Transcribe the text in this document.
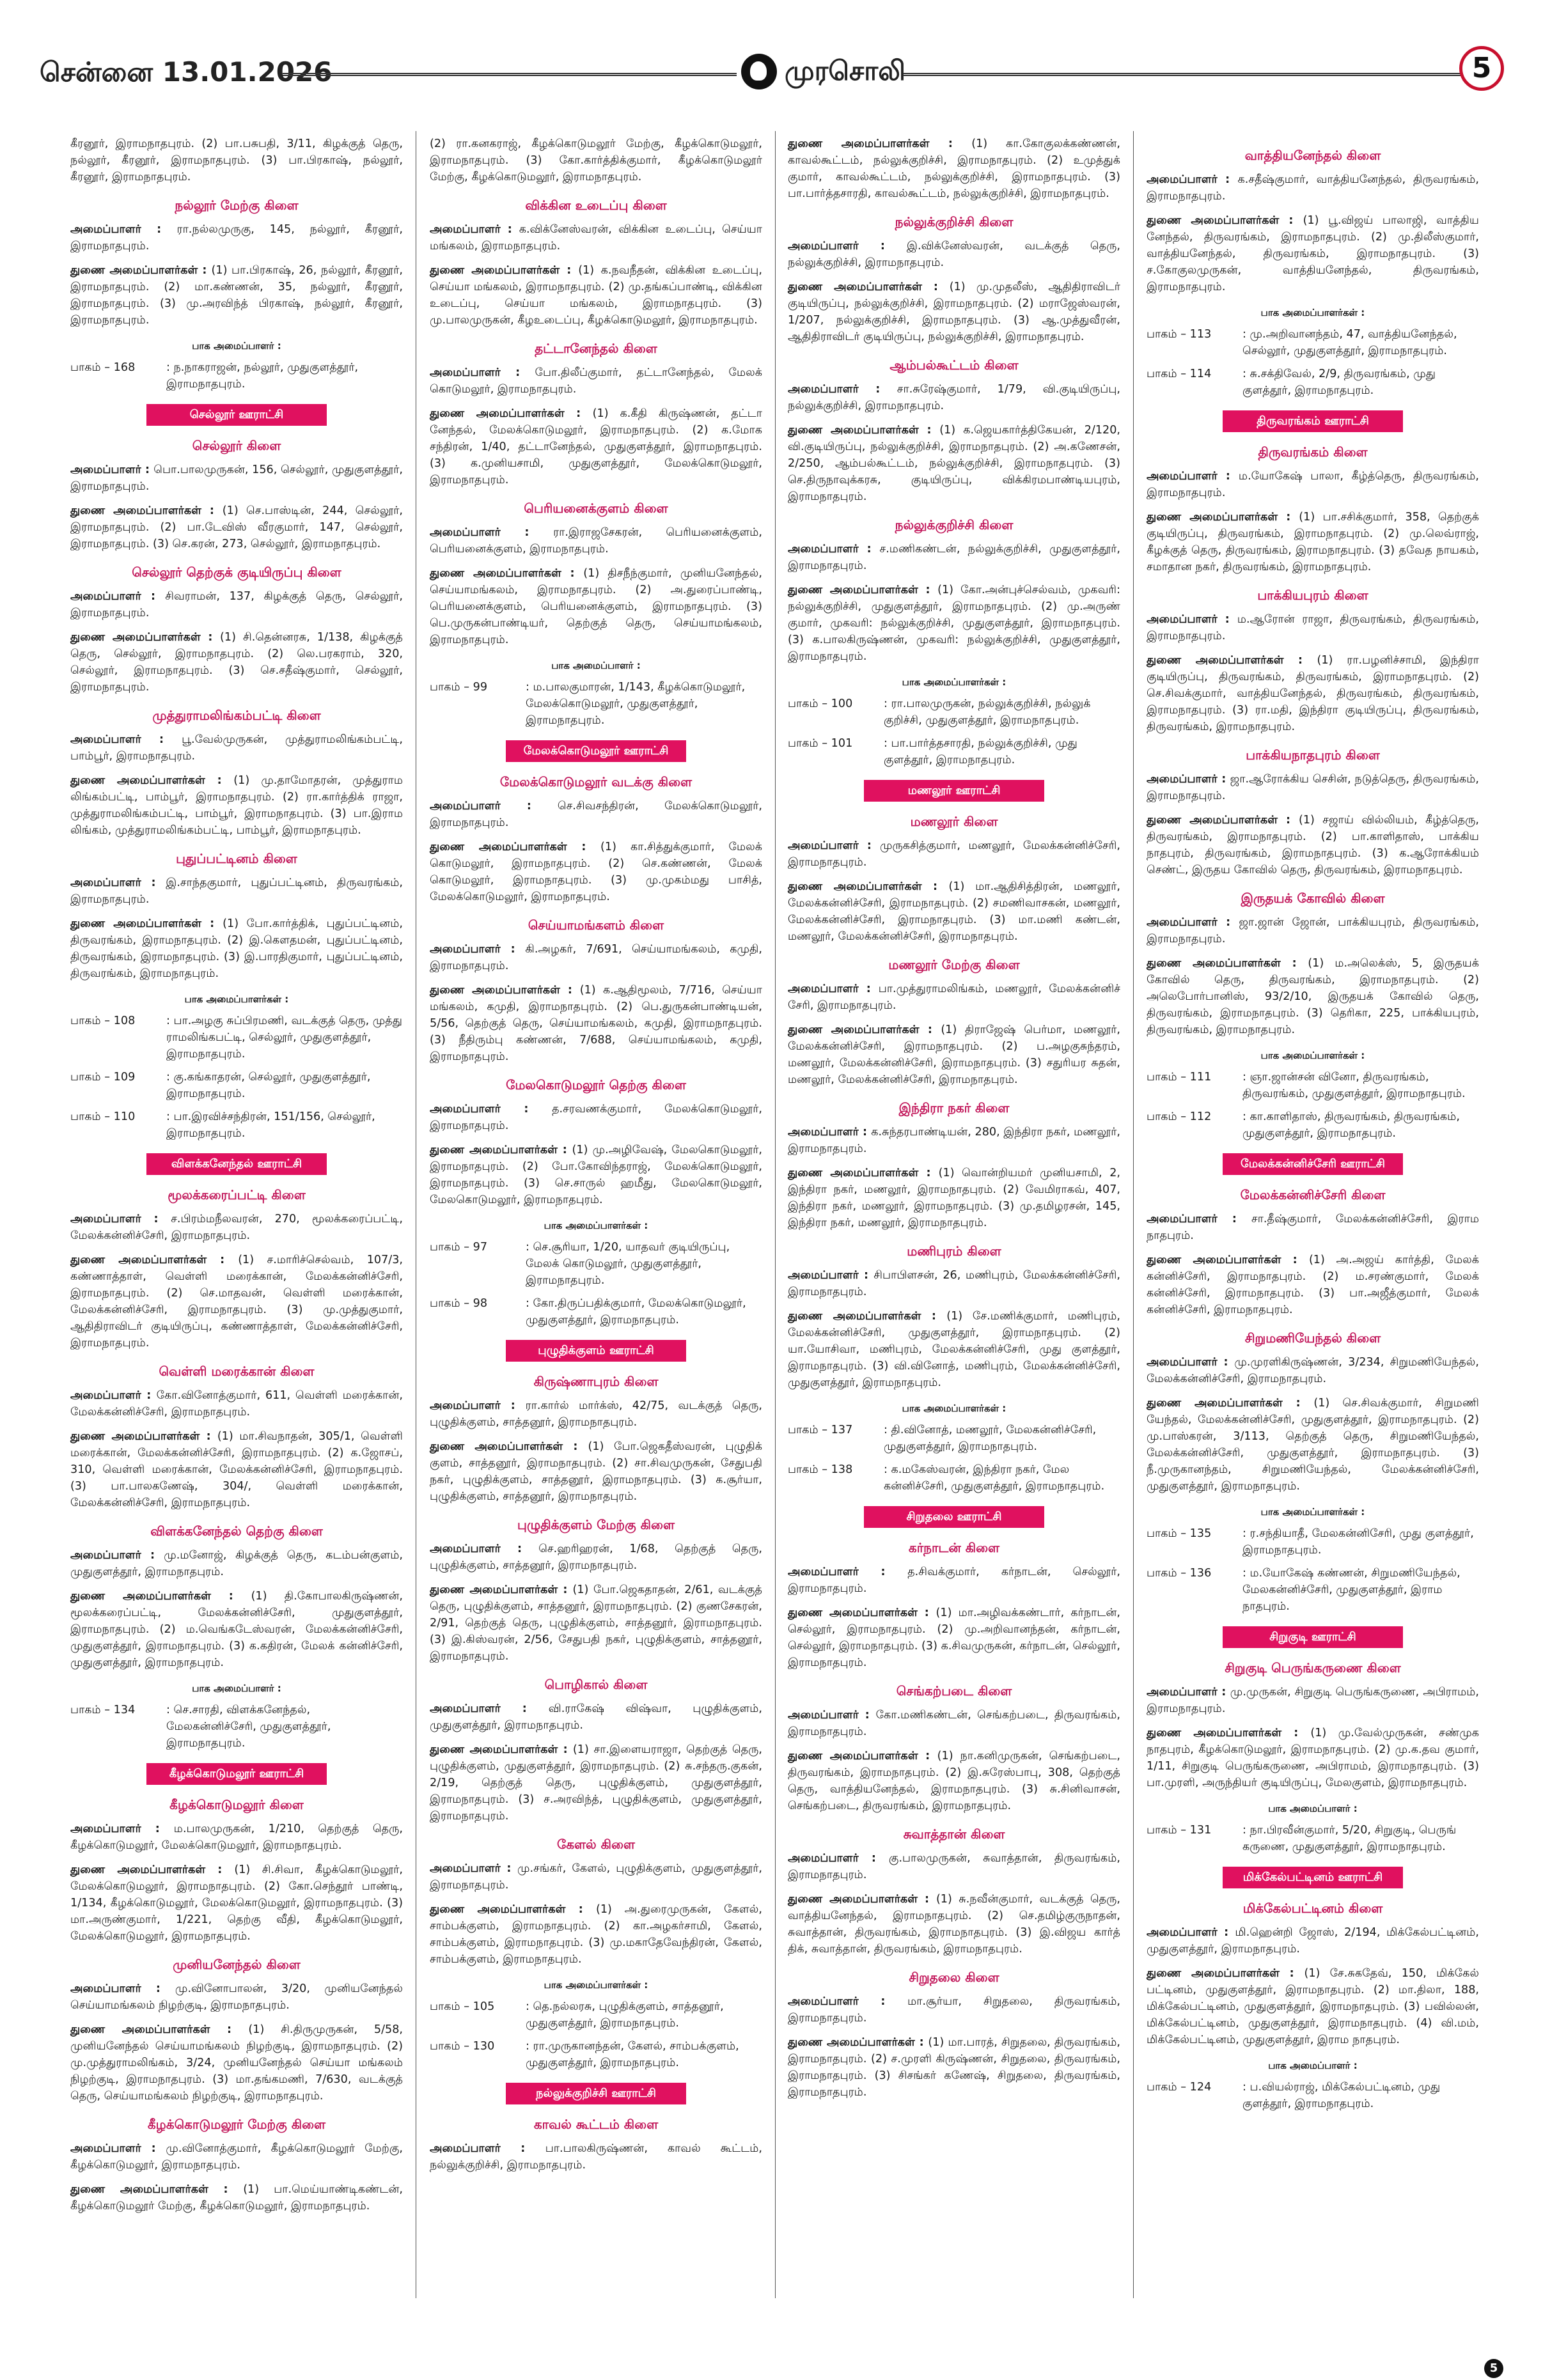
சென்னை 13.01.2026	முரசொலி	5

கீரனூர், இராமநாதபுரம். (2) பா.பசுபதி, 3/11, கிழக்குத் தெரு, நல்லூர், கீரனூர், இராமநாதபுரம். (3) பா.பிரகாஷ், நல்லூர், கீரனூர், இராமநாதபுரம்.

நல்லூர் மேற்கு கிளை

அமைப்பாளர் : ரா.நல்லமுருகு, 145, நல்லூர், கீரனூர், இராமநாதபுரம்.

துணை அமைப்பாளர்கள் : (1) பா.பிரகாஷ், 26, நல்லூர், கீரனூர், இராமநாதபுரம். (2) மா.கண்ணன், 35, நல்லூர், கீரனூர், இராமநாதபுரம். (3) மு.அரவிந்த் பிரகாஷ், நல்லூர், கீரனூர், இராமநாதபுரம்.

பாக அமைப்பாளர் :
பாகம் – 168	: ந.நாகராஜன், நல்லூர், முதுகுளத்தூர், இராமநாதபுரம்.
செல்லூர் ஊராட்சி
செல்லூர் கிளை

அமைப்பாளர் : பொ.பாலமுருகன், 156, செல்லூர், முதுகுளத்தூர், இராமநாதபுரம்.

துணை அமைப்பாளர்கள் : (1) செ.பாஸ்டின், 244, செல்லூர், இராமநாதபுரம். (2) பா.டேவிஸ் வீரகுமார், 147, செல்லூர், இராமநாதபுரம். (3) செ.கரன், 273, செல்லூர், இராமநாதபுரம்.

செல்லூர் தெற்குக் குடியிருப்பு கிளை

அமைப்பாளர் : சிவராமன், 137, கிழக்குத் தெரு, செல்லூர், இராமநாதபுரம்.

துணை அமைப்பாளர்கள் : (1) சி.தென்னரசு, 1/138, கிழக்குத் தெரு, செல்லூர், இராமநாதபுரம். (2) லெ.பரகராம், 320, செல்லூர், இராமநாதபுரம். (3) செ.சதீஷ்குமார், செல்லூர், இராமநாதபுரம்.

முத்துராமலிங்கம்பட்டி கிளை

அமைப்பாளர் : பூ.வேல்முருகன், முத்துராமலிங்கம்பட்டி, பாம்பூர், இராமநாதபுரம்.

துணை அமைப்பாளர்கள் : (1) மு.தாமோதரன், முத்துராம லிங்கம்பட்டி, பாம்பூர், இராமநாதபுரம். (2) ரா.கார்த்திக் ராஜா, முத்துராமலிங்கம்பட்டி, பாம்பூர், இராமநாதபுரம். (3) பா.இராம லிங்கம், முத்துராமலிங்கம்பட்டி, பாம்பூர், இராமநாதபுரம்.

புதுப்பட்டினம் கிளை

அமைப்பாளர் : இ.சாந்தகுமார், புதுப்பட்டினம், திருவரங்கம், இராமநாதபுரம்.

துணை அமைப்பாளர்கள் : (1) போ.கார்த்திக், புதுப்பட்டினம், திருவரங்கம், இராமநாதபுரம். (2) இ.கௌதமன், புதுப்பட்டினம், திருவரங்கம், இராமநாதபுரம். (3) இ.பாரதிகுமார், புதுப்பட்டினம், திருவரங்கம், இராமநாதபுரம்.

பாக அமைப்பாளர்கள் :
பாகம் – 108	: பா.அழகு சுப்பிரமணி, வடக்குத் தெரு, முத்து ராமலிங்கபட்டி, செல்லூர், முதுகுளத்தூர், இராமநாதபுரம்.
பாகம் – 109	: கு.கங்காதரன், செல்லூர், முதுகுளத்தூர், இராமநாதபுரம்.
பாகம் – 110	: பா.இரவிச்சந்திரன், 151/156, செல்லூர், இராமநாதபுரம்.
விளக்கனேந்தல் ஊராட்சி
மூலக்கரைப்பட்டி கிளை

அமைப்பாளர் : ச.பிரம்மநீலவரன், 270, மூலக்கரைப்பட்டி, மேலக்கன்னிச்சேரி, இராமநாதபுரம்.

துணை அமைப்பாளர்கள் : (1) ச.மாரிச்செல்வம், 107/3, கண்ணாத்தாள், வெள்ளி மரைக்கான், மேலக்கன்னிச்சேரி, இராமநாதபுரம். (2) செ.மாதவன், வெள்ளி மரைக்கான், மேலக்கன்னிச்சேரி, இராமநாதபுரம். (3) மு.முத்துகுமார், ஆதிதிராவிடர் குடியிருப்பு, கண்ணாத்தாள், மேலக்கன்னிச்சேரி, இராமநாதபுரம்.

வெள்ளி மரைக்கான் கிளை

அமைப்பாளர் : கோ.வினோத்குமார், 611, வெள்ளி மரைக்கான், மேலக்கன்னிச்சேரி, இராமநாதபுரம்.

துணை அமைப்பாளர்கள் : (1) மா.சிவநாதன், 305/1, வெள்ளி மரைக்கான், மேலக்கன்னிச்சேரி, இராமநாதபுரம். (2) க.ஜோசப், 310, வெள்ளி மரைக்கான், மேலக்கன்னிச்சேரி, இராமநாதபுரம். (3) பா.பாலகணேஷ், 304/, வெள்ளி மரைக்கான், மேலக்கன்னிச்சேரி, இராமநாதபுரம்.

விளக்கனேந்தல் தெற்கு கிளை

அமைப்பாளர் : மு.மனோஜ், கிழக்குத் தெரு, கடம்பன்குளம், முதுகுளத்தூர், இராமநாதபுரம்.

துணை அமைப்பாளர்கள் : (1) தி.கோபாலகிருஷ்ணன், மூலக்கரைப்பட்டி, மேலக்கன்னிச்சேரி, முதுகுளத்தூர், இராமநாதபுரம். (2) ம.வெங்கடேஸ்வரன், மேலக்கன்னிச்சேரி, முதுகுளத்தூர், இராமநாதபுரம். (3) க.கதிரன், மேலக் கன்னிச்சேரி, முதுகுளத்தூர், இராமநாதபுரம்.

பாக அமைப்பாளர் :
பாகம் – 134	: செ.சாரதி, விளக்கனேந்தல், மேலகன்னிச்சேரி, முதுகுளத்தூர், இராமநாதபுரம்.
கீழக்கொடுமலூர் ஊராட்சி
கீழக்கொடுமலூர் கிளை

அமைப்பாளர் : ம.பாலமுருகன், 1/210, தெற்குத் தெரு, கீழக்கொடுமலூர், மேலக்கொடுமலூர், இராமநாதபுரம்.

துணை அமைப்பாளர்கள் : (1) சி.சிவா, கீழக்கொடுமலூர், மேலக்கொடுமலூர், இராமநாதபுரம். (2) கோ.செந்தூர் பாண்டி, 1/134, கீழக்கொடுமலூர், மேலக்கொடுமலூர், இராமநாதபுரம். (3) மா.அருண்குமார், 1/221, தெற்கு வீதி, கீழக்கொடுமலூர், மேலக்கொடுமலூர், இராமநாதபுரம்.

முனியனேந்தல் கிளை

அமைப்பாளர் : மு.வினோபாலன், 3/20, முனியனேந்தல் செய்யாமங்கலம் நிழற்குடி, இராமநாதபுரம்.

துணை அமைப்பாளர்கள் : (1) சி.திருமுருகன், 5/58, முனியனேந்தல் செய்யாமங்கலம் நிழற்குடி, இராமநாதபுரம். (2) மு.முத்துராமலிங்கம், 3/24, முனியனேந்தல் செய்யா மங்கலம் நிழற்குடி, இராமநாதபுரம். (3) மா.தங்கமணி, 7/630, வடக்குத் தெரு, செய்யாமங்கலம் நிழற்குடி, இராமநாதபுரம்.

கீழக்கொடுமலூர் மேற்கு கிளை

அமைப்பாளர் : மு.வினோத்குமார், கீழக்கொடுமலூர் மேற்கு, கீழக்கொடுமலூர், இராமநாதபுரம்.

துணை அமைப்பாளர்கள் : (1) பா.மெய்யாண்டிகண்டன், கீழக்கொடுமலூர் மேற்கு, கீழக்கொடுமலூர், இராமநாதபுரம்.

(2) ரா.கனகராஜ், கீழக்கொடுமலூர் மேற்கு, கீழக்கொடுமலூர், இராமநாதபுரம். (3) கோ.கார்த்திக்குமார், கீழக்கொடுமலூர் மேற்கு, கீழக்கொடுமலூர், இராமநாதபுரம்.

விக்கின உடைப்பு கிளை

அமைப்பாளர் : க.விக்னேஸ்வரன், விக்கின உடைப்பு, செய்யா மங்கலம், இராமநாதபுரம்.

துணை அமைப்பாளர்கள் : (1) க.நவநீதன், விக்கின உடைப்பு, செய்யா மங்கலம், இராமநாதபுரம். (2) மு.தங்கப்பாண்டி, விக்கின உடைப்பு, செய்யா மங்கலம், இராமநாதபுரம். (3) மு.பாலமுருகன், கீழஉடைப்பு, கீழக்கொடுமலூர், இராமநாதபுரம்.

தட்டானேந்தல் கிளை

அமைப்பாளர் : போ.திலீப்குமார், தட்டானேந்தல், மேலக் கொடுமலூர், இராமநாதபுரம்.

துணை அமைப்பாளர்கள் : (1) க.கீதி கிருஷ்ணன், தட்டா னேந்தல், மேலக்கொடுமலூர், இராமநாதபுரம். (2) க.மோக சந்திரன், 1/40, தட்டானேந்தல், முதுகுளத்தூர், இராமநாதபுரம். (3) க.முனியசாமி, முதுகுளத்தூர், மேலக்கொடுமலூர், இராமநாதபுரம்.

பெரியனைக்குளம் கிளை

அமைப்பாளர் : ரா.இராஜசேகரன், பெரியனைக்குளம், பெரியனைக்குளம், இராமநாதபுரம்.

துணை அமைப்பாளர்கள் : (1) திசநீந்குமார், முனியனேந்தல், செய்யாமங்கலம், இராமநாதபுரம். (2) அ.துரைப்பாண்டி, பெரியனைக்குளம், பெரியனைக்குளம், இராமநாதபுரம். (3) பெ.முருகன்பாண்டியர், தெற்குத் தெரு, செய்யாமங்கலம், இராமநாதபுரம்.

பாக அமைப்பாளர் :
பாகம் – 99	: ம.பாலகுமாரன், 1/143, கீழக்கொடுமலூர், மேலக்கொடுமலூர், முதுகுளத்தூர், இராமநாதபுரம்.
மேலக்கொடுமலூர் ஊராட்சி
மேலக்கொடுமலூர் வடக்கு கிளை

அமைப்பாளர் : செ.சிவசந்திரன், மேலக்கொடுமலூர், இராமநாதபுரம்.

துணை அமைப்பாளர்கள் : (1) கா.சித்துக்குமார், மேலக் கொடுமலூர், இராமநாதபுரம். (2) செ.கண்ணன், மேலக் கொடுமலூர், இராமநாதபுரம். (3) மு.முகம்மது பாசித், மேலக்கொடுமலூர், இராமநாதபுரம்.

செய்யாமங்களம் கிளை

அமைப்பாளர் : கி.அழகர், 7/691, செய்யாமங்கலம், கமுதி, இராமநாதபுரம்.

துணை அமைப்பாளர்கள் : (1) க.ஆதிமூலம், 7/716, செய்யா மங்கலம், கமுதி, இராமநாதபுரம். (2) பெ.துருகன்பாண்டியன், 5/56, தெற்குத் தெரு, செய்யாமங்கலம், கமுதி, இராமநாதபுரம். (3) நீதிரும்பு கண்ணன், 7/688, செய்யாமங்கலம், கமுதி, இராமநாதபுரம்.

மேலகொடுமலூர் தெற்கு கிளை

அமைப்பாளர் : த.சரவணக்குமார், மேலக்கொடுமலூர், இராமநாதபுரம்.

துணை அமைப்பாளர்கள் : (1) மு.அழிவேஷ், மேலகொடுமலூர், இராமநாதபுரம். (2) போ.கோவிந்தராஜ், மேலக்கொடுமலூர், இராமநாதபுரம். (3) செ.சாருல் ஹமீது, மேலகொடுமலூர், மேலகொடுமலூர், இராமநாதபுரம்.

பாக அமைப்பாளர்கள் :
பாகம் – 97	: செ.சூரியா, 1/20, யாதவர் குடியிருப்பு, மேலக் கொடுமலூர், முதுகுளத்தூர், இராமநாதபுரம்.
பாகம் – 98	: கோ.திருப்பதிக்குமார், மேலக்கொடுமலூர், முதுகுளத்தூர், இராமநாதபுரம்.
புழுதிக்குளம் ஊராட்சி
கிருஷ்ணாபுரம் கிளை

அமைப்பாளர் : ரா.கார்ல் மார்க்ஸ், 42/75, வடக்குத் தெரு, புழுதிக்குளம், சாத்தனூர், இராமநாதபுரம்.

துணை அமைப்பாளர்கள் : (1) போ.ஜெகதீஸ்வரன், புழுதிக் குளம், சாத்தனூர், இராமநாதபுரம். (2) சா.சிவமுருகன், சேதுபதி நகர், புழுதிக்குளம், சாத்தனூர், இராமநாதபுரம். (3) க.சூர்யா, புழுதிக்குளம், சாத்தனூர், இராமநாதபுரம்.

புழுதிக்குளம் மேற்கு கிளை

அமைப்பாளர் : செ.ஹரிஹரன், 1/68, தெற்குத் தெரு, புழுதிக்குளம், சாத்தனூர், இராமநாதபுரம்.

துணை அமைப்பாளர்கள் : (1) போ.ஜெகதாதன், 2/61, வடக்குத் தெரு, புழுதிக்குளம், சாத்தனூர், இராமநாதபுரம். (2) குணசேகரன், 2/91, தெற்குத் தெரு, புழுதிக்குளம், சாத்தனூர், இராமநாதபுரம். (3) இ.கிஸ்வரன், 2/56, சேதுபதி நகர், புழுதிக்குளம், சாத்தனூர், இராமநாதபுரம்.

பொழிகால் கிளை

அமைப்பாளர் : வி.ராகேஷ் விஷ்வா, புழுதிக்குளம், முதுகுளத்தூர், இராமநாதபுரம்.

துணை அமைப்பாளர்கள் : (1) சா.இளையராஜா, தெற்குத் தெரு, புழுதிக்குளம், முதுகுளத்தூர், இராமநாதபுரம். (2) சு.சந்தரு.குகன், 2/19, தெற்குத் தெரு, புழுதிக்குளம், முதுகுளத்தூர், இராமநாதபுரம். (3) ச.அரவிந்த், புழுதிக்குளம், முதுகுளத்தூர், இராமநாதபுரம்.

கேளல் கிளை

அமைப்பாளர் : மு.சங்கர், கேளல், புழுதிக்குளம், முதுகுளத்தூர், இராமநாதபுரம்.

துணை அமைப்பாளர்கள் : (1) அ.துரைமுருகன், கேளல், சாம்பக்குளம், இராமநாதபுரம். (2) கா.அழகர்சாமி, கேளல், சாம்பக்குளம், இராமநாதபுரம். (3) மு.மகாதேவேந்திரன், கேளல், சாம்பக்குளம், இராமநாதபுரம்.

பாக அமைப்பாளர்கள் :
பாகம் – 105	: தெ.நல்லரசு, புழுதிக்குளம், சாத்தனூர், முதுகுளத்தூர், இராமநாதபுரம்.
பாகம் – 130	: ரா.முருகானந்தன், கேளல், சாம்பக்குளம், முதுகுளத்தூர், இராமநாதபுரம்.
நல்லுக்குறிச்சி ஊராட்சி
காவல் கூட்டம் கிளை

அமைப்பாளர் : பா.பாலகிருஷ்ணன், காவல் கூட்டம், நல்லுக்குறிச்சி, இராமநாதபுரம்.

துணை அமைப்பாளர்கள் : (1) கா.கோகுலக்கண்ணன், காவல்கூட்டம், நல்லுக்குறிச்சி, இராமநாதபுரம். (2) உமுத்துக் குமார், காவல்கூட்டம், நல்லுக்குறிச்சி, இராமநாதபுரம். (3) பா.பார்த்தசாரதி, காவல்கூட்டம், நல்லுக்குறிச்சி, இராமநாதபுரம்.

நல்லுக்குறிச்சி கிளை

அமைப்பாளர் : இ.விக்னேஸ்வரன், வடக்குத் தெரு, நல்லுக்குறிச்சி, இராமநாதபுரம்.

துணை அமைப்பாளர்கள் : (1) மு.முதலீஸ், ஆதிதிராவிடர் குடியிருப்பு, நல்லுக்குறிச்சி, இராமநாதபுரம். (2) மராஜேஸ்வரன், 1/207, நல்லுக்குறிச்சி, இராமநாதபுரம். (3) ஆ.முத்துவீரன், ஆதிதிராவிடர் குடியிருப்பு, நல்லுக்குறிச்சி, இராமநாதபுரம்.

ஆம்பல்கூட்டம் கிளை

அமைப்பாளர் : சா.சுரேஷ்குமார், 1/79, வி.குடியிருப்பு, நல்லுக்குறிச்சி, இராமநாதபுரம்.

துணை அமைப்பாளர்கள் : (1) க.ஜெயகார்த்திகேயன், 2/120, வி.குடியிருப்பு, நல்லுக்குறிச்சி, இராமநாதபுரம். (2) அ.கணேசன், 2/250, ஆம்பல்கூட்டம், நல்லுக்குறிச்சி, இராமநாதபுரம். (3) செ.திருநாவுக்கரசு, குடியிருப்பு, விக்கிரமபாண்டியபுரம், இராமநாதபுரம்.

நல்லுக்குறிச்சி கிளை

அமைப்பாளர் : ச.மணிகண்டன், நல்லுக்குறிச்சி, முதுகுளத்தூர், இராமநாதபுரம்.

துணை அமைப்பாளர்கள் : (1) கோ.அன்புச்செல்வம், முகவரி: நல்லுக்குறிச்சி, முதுகுளத்தூர், இராமநாதபுரம். (2) மு.அருண் குமார், முகவரி: நல்லுக்குறிச்சி, முதுகுளத்தூர், இராமநாதபுரம். (3) க.பாலகிருஷ்ணன், முகவரி: நல்லுக்குறிச்சி, முதுகுளத்தூர், இராமநாதபுரம்.

பாக அமைப்பாளர்கள் :
பாகம் – 100	: ரா.பாலமுருகன், நல்லுக்குறிச்சி, நல்லுக் குறிச்சி, முதுகுளத்தூர், இராமநாதபுரம்.
பாகம் – 101	: பா.பார்த்தசாரதி, நல்லுக்குறிச்சி, முது குளத்தூர், இராமநாதபுரம்.
மணலூர் ஊராட்சி
மணலூர் கிளை

அமைப்பாளர் : முருகசித்குமார், மணலூர், மேலக்கன்னிச்சேரி, இராமநாதபுரம்.

துணை அமைப்பாளர்கள் : (1) மா.ஆதிசித்திரன், மணலூர், மேலக்கன்னிச்சேரி, இராமநாதபுரம். (2) சமணிவாசகன், மணலூர், மேலக்கன்னிச்சேரி, இராமநாதபுரம். (3) மா.மணி கண்டன், மணலூர், மேலக்கன்னிச்சேரி, இராமநாதபுரம்.

மணலூர் மேற்கு கிளை

அமைப்பாளர் : பா.முத்துராமலிங்கம், மணலூர், மேலக்கன்னிச் சேரி, இராமநாதபுரம்.

துணை அமைப்பாளர்கள் : (1) திராஜேஷ் பெர்மா, மணலூர், மேலக்கன்னிச்சேரி, இராமநாதபுரம். (2) ப.அழகுசுந்தரம், மணலூர், மேலக்கன்னிச்சேரி, இராமநாதபுரம். (3) சதுரியர சுதன், மணலூர், மேலக்கன்னிச்சேரி, இராமநாதபுரம்.

இந்திரா நகர் கிளை

அமைப்பாளர் : க.சுந்தரபாண்டியன், 280, இந்திரா நகர், மணலூர், இராமநாதபுரம்.

துணை அமைப்பாளர்கள் : (1) வொன்றியமர் முனியசாமி, 2, இந்திரா நகர், மணலூர், இராமநாதபுரம். (2) வேமிராகவ், 407, இந்திரா நகர், மணலூர், இராமநாதபுரம். (3) மு.தமிழரசன், 145, இந்திரா நகர், மணலூர், இராமநாதபுரம்.

மணிபுரம் கிளை

அமைப்பாளர் : சிபாபிளசன், 26, மணிபுரம், மேலக்கன்னிச்சேரி, இராமநாதபுரம்.

துணை அமைப்பாளர்கள் : (1) சே.மணிக்குமார், மணிபுரம், மேலக்கன்னிச்சேரி, முதுகுளத்தூர், இராமநாதபுரம். (2) யா.யோசிவா, மணிபுரம், மேலக்கன்னிச்சேரி, முது குளத்தூர், இராமநாதபுரம். (3) வி.வினோத், மணிபுரம், மேலக்கன்னிச்சேரி, முதுகுளத்தூர், இராமநாதபுரம்.

பாக அமைப்பாளர்கள் :
பாகம் – 137	: தி.வினோத், மணலூர், மேலகன்னிச்சேரி, முதுகுளத்தூர், இராமநாதபுரம்.
பாகம் – 138	: க.மகேஸ்வரன், இந்திரா நகர், மேல கன்னிச்சேரி, முதுகுளத்தூர், இராமநாதபுரம்.
சிறுதலை ஊராட்சி
கர்நாடன் கிளை

அமைப்பாளர் : த.சிவக்குமார், கர்நாடன், செல்லூர், இராமநாதபுரம்.

துணை அமைப்பாளர்கள் : (1) மா.அழிவக்கண்டார், கர்நாடன், செல்லூர், இராமநாதபுரம். (2) மு.அறிவானந்தன், கர்நாடன், செல்லூர், இராமநாதபுரம். (3) க.சிவமுருகன், கர்நாடன், செல்லூர், இராமநாதபுரம்.

செங்கற்படை கிளை

அமைப்பாளர் : கோ.மணிகண்டன், செங்கற்படை, திருவரங்கம், இராமநாதபுரம்.

துணை அமைப்பாளர்கள் : (1) நா.கனிமுருகன், செங்கற்படை, திருவரங்கம், இராமநாதபுரம். (2) இ.சுரேஸ்பாபு, 308, தெற்குத் தெரு, வாத்தியனேந்தல், இராமநாதபுரம். (3) சு.சினிவாசன், செங்கற்படை, திருவரங்கம், இராமநாதபுரம்.

சுவாத்தான் கிளை

அமைப்பாளர் : கு.பாலமுருகன், சுவாத்தான், திருவரங்கம், இராமநாதபுரம்.

துணை அமைப்பாளர்கள் : (1) சு.நவீன்குமார், வடக்குத் தெரு, வாத்தியனேந்தல், இராமநாதபுரம். (2) செ.தமிழ்குருநாதன், சுவாத்தான், திருவரங்கம், இராமநாதபுரம். (3) இ.விஜய கார்த் திக், சுவாத்தான், திருவரங்கம், இராமநாதபுரம்.

சிறுதலை கிளை

அமைப்பாளர் : மா.சூர்யா, சிறுதலை, திருவரங்கம், இராமநாதபுரம்.

துணை அமைப்பாளர்கள் : (1) மா.பாரத், சிறுதலை, திருவரங்கம், இராமநாதபுரம். (2) ச.முரளி கிருஷ்ணன், சிறுதலை, திருவரங்கம், இராமநாதபுரம். (3) சிசங்கர் கணேஷ், சிறுதலை, திருவரங்கம், இராமநாதபுரம்.

வாத்தியனேந்தல் கிளை

அமைப்பாளர் : க.சதீஷ்குமார், வாத்தியனேந்தல், திருவரங்கம், இராமநாதபுரம்.

துணை அமைப்பாளர்கள் : (1) பூ.விஜய் பாலாஜி, வாத்திய னேந்தல், திருவரங்கம், இராமநாதபுரம். (2) மு.திலீஸ்குமார், வாத்தியனேந்தல், திருவரங்கம், இராமநாதபுரம். (3) ச.கோகுலமுருகன், வாத்தியனேந்தல், திருவரங்கம், இராமநாதபுரம்.

பாக அமைப்பாளர்கள் :
பாகம் – 113	: மு.அறிவானந்தம், 47, வாத்தியனேந்தல், செல்லூர், முதுகுளத்தூர், இராமநாதபுரம்.
பாகம் – 114	: சு.சக்திவேல், 2/9, திருவரங்கம், முது குளத்தூர், இராமநாதபுரம்.
திருவரங்கம் ஊராட்சி
திருவரங்கம் கிளை

அமைப்பாளர் : ம.யோகேஷ் பாலா, கீழ்த்தெரு, திருவரங்கம், இராமநாதபுரம்.

துணை அமைப்பாளர்கள் : (1) பா.சசிக்குமார், 358, தெற்குக் குடியிருப்பு, திருவரங்கம், இராமநாதபுரம். (2) மு.லெவ்ராஜ், கீழக்குத் தெரு, திருவரங்கம், இராமநாதபுரம். (3) தவேத நாயகம், சமாதான நகர், திருவரங்கம், இராமநாதபுரம்.

பாக்கியபுரம் கிளை

அமைப்பாளர் : ம.ஆரோன் ராஜா, திருவரங்கம், திருவரங்கம், இராமநாதபுரம்.

துணை அமைப்பாளர்கள் : (1) ரா.பழனிச்சாமி, இந்திரா குடியிருப்பு, திருவரங்கம், திருவரங்கம், இராமநாதபுரம். (2) செ.சிவக்குமார், வாத்தியனேந்தல், திருவரங்கம், திருவரங்கம், இராமநாதபுரம். (3) ரா.மதி, இந்திரா குடியிருப்பு, திருவரங்கம், திருவரங்கம், இராமநாதபுரம்.

பாக்கியநாதபுரம் கிளை

அமைப்பாளர் : ஜா.ஆரோக்கிய செசின், நடுத்தெரு, திருவரங்கம், இராமநாதபுரம்.

துணை அமைப்பாளர்கள் : (1) சஜாய் வில்லியம், கீழ்த்தெரு, திருவரங்கம், இராமநாதபுரம். (2) பா.காளிதாஸ், பாக்கிய நாதபுரம், திருவரங்கம், இராமநாதபுரம். (3) க.ஆரோக்கியம் செண்ட், இருதய கோவில் தெரு, திருவரங்கம், இராமநாதபுரம்.

இருதயக் கோவில் கிளை

அமைப்பாளர் : ஜா.ஜான் ஜோன், பாக்கியபுரம், திருவரங்கம், இராமநாதபுரம்.

துணை அமைப்பாளர்கள் : (1) ம.அலெக்ஸ், 5, இருதயக் கோவில் தெரு, திருவரங்கம், இராமநாதபுரம். (2) அலெபோர்பானிஸ், 93/2/10, இருதயக் கோவில் தெரு, திருவரங்கம், இராமநாதபுரம். (3) தெரிகா, 225, பாக்கியபுரம், திருவரங்கம், இராமநாதபுரம்.

பாக அமைப்பாளர்கள் :
பாகம் – 111	: ஞா.ஜான்சன் வினோ, திருவரங்கம், திருவரங்கம், முதுகுளத்தூர், இராமநாதபுரம்.
பாகம் – 112	: கா.காளிதாஸ், திருவரங்கம், திருவரங்கம், முதுகுளத்தூர், இராமநாதபுரம்.
மேலக்கன்னிச்சேரி ஊராட்சி
மேலக்கன்னிச்சேரி கிளை

அமைப்பாளர் : சா.தீஷ்குமார், மேலக்கன்னிச்சேரி, இராம நாதபுரம்.

துணை அமைப்பாளர்கள் : (1) அ.அஜய் கார்த்தி, மேலக் கன்னிச்சேரி, இராமநாதபுரம். (2) ம.சரண்குமார், மேலக் கன்னிச்சேரி, இராமநாதபுரம். (3) பா.அஜீத்குமார், மேலக் கன்னிச்சேரி, இராமநாதபுரம்.

சிறுமணியேந்தல் கிளை

அமைப்பாளர் : மு.முரளிகிருஷ்ணன், 3/234, சிறுமணியேந்தல், மேலக்கன்னிச்சேரி, இராமநாதபுரம்.

துணை அமைப்பாளர்கள் : (1) செ.சிவக்குமார், சிறுமணி யேந்தல், மேலக்கன்னிச்சேரி, முதுகுளத்தூர், இராமநாதபுரம். (2) மு.பாஸ்கரன், 3/113, தெற்குத் தெரு, சிறுமணியேந்தல், மேலக்கன்னிச்சேரி, முதுகுளத்தூர், இராமநாதபுரம். (3) நீ.முருகானந்தம், சிறுமணியேந்தல், மேலக்கன்னிச்சேரி, முதுகுளத்தூர், இராமநாதபுரம்.

பாக அமைப்பாளர்கள் :
பாகம் – 135	: ர.சந்தியாதீ, மேலகன்னிசேரி, முது குளத்தூர், இராமநாதபுரம்.
பாகம் – 136	: ம.யோகேஷ் கண்ணன், சிறுமணியேந்தல், மேலகன்னிச்சேரி, முதுகுளத்தூர், இராம நாதபுரம்.
சிறுகுடி ஊராட்சி
சிறுகுடி பெருங்கருணை கிளை

அமைப்பாளர் : மு.முருகன், சிறுகுடி பெருங்கருணை, அபிராமம், இராமநாதபுரம்.

துணை அமைப்பாளர்கள் : (1) மு.வேல்முருகன், சண்முக நாதபுரம், கீழக்கொடுமலூர், இராமநாதபுரம். (2) மு.க.தவ குமார், 1/11, சிறுகுடி பெருங்கருணை, அபிராமம், இராமநாதபுரம். (3) பா.முரளி, அருந்தியர் குடியிருப்பு, மேலகுளம், இராமநாதபுரம்.

பாக அமைப்பாளர் :
பாகம் – 131	: நா.பிரவீன்குமார், 5/20, சிறுகுடி, பெருங் கருணை, முதுகுளத்தூர், இராமநாதபுரம்.
மிக்கேல்பட்டினம் ஊராட்சி
மிக்கேல்பட்டினம் கிளை

அமைப்பாளர் : மி.ஹென்றி ஜோஸ், 2/194, மிக்கேல்பட்டினம், முதுகுளத்தூர், இராமநாதபுரம்.

துணை அமைப்பாளர்கள் : (1) சே.சுகதேவ், 150, மிக்கேல் பட்டினம், முதுகுளத்தூர், இராமநாதபுரம். (2) மா.திலா, 188, மிக்கேல்பட்டினம், முதுகுளத்தூர், இராமநாதபுரம். (3) பவில்லன், மிக்கேல்பட்டினம், முதுகுளத்தூர், இராமநாதபுரம். (4) வி.மம், மிக்கேல்பட்டினம், முதுகுளத்தூர், இராம நாதபுரம்.

பாக அமைப்பாளர் :
பாகம் – 124	: ப.வியல்ராஜ், மிக்கேல்பட்டினம், முது குளத்தூர், இராமநாதபுரம்.
5
